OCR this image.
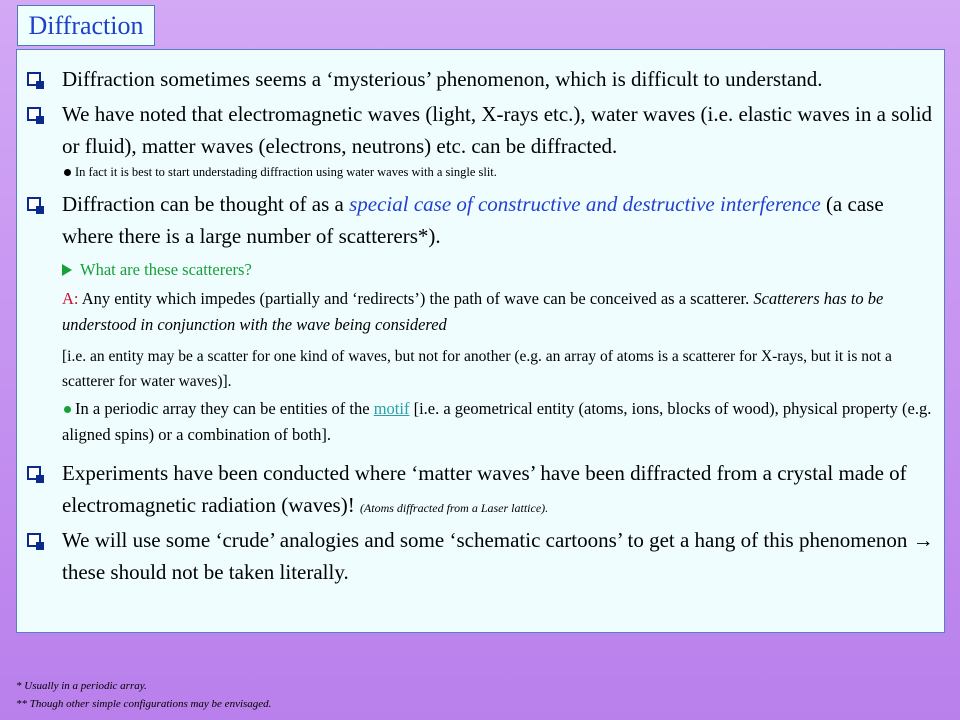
Diffraction
Diffraction sometimes seems a ‘mysterious’ phenomenon, which is difficult to understand.
We have noted that electromagnetic waves (light, X-rays etc.), water waves (i.e. elastic waves in a solid or fluid), matter waves (electrons, neutrons) etc. can be diffracted.
In fact it is best to start understading diffraction using water waves with a single slit.
Diffraction can be thought of as a special case of constructive and destructive interference (a case where there is a large number of scatterers*).
What are these scatterers?
A: Any entity which impedes (partially and ‘redirects’) the path of wave can be conceived as a scatterer. Scatterers has to be understood in conjunction with the wave being considered
[i.e. an entity may be a scatter for one kind of waves, but not for another (e.g. an array of atoms is a scatterer for X-rays, but it is not a scatterer for water waves)].
In a periodic array they can be entities of the motif [i.e. a geometrical entity (atoms, ions, blocks of wood), physical property (e.g. aligned spins) or a combination of both].
Experiments have been conducted where ‘matter waves’ have been diffracted from a crystal made of electromagnetic radiation (waves)! (Atoms diffracted from a Laser lattice).
We will use some ‘crude’ analogies and some ‘schematic cartoons’ to get a hang of this phenomenon → these should not be taken literally.
* Usually in a periodic array.
** Though other simple configurations may be envisaged.
